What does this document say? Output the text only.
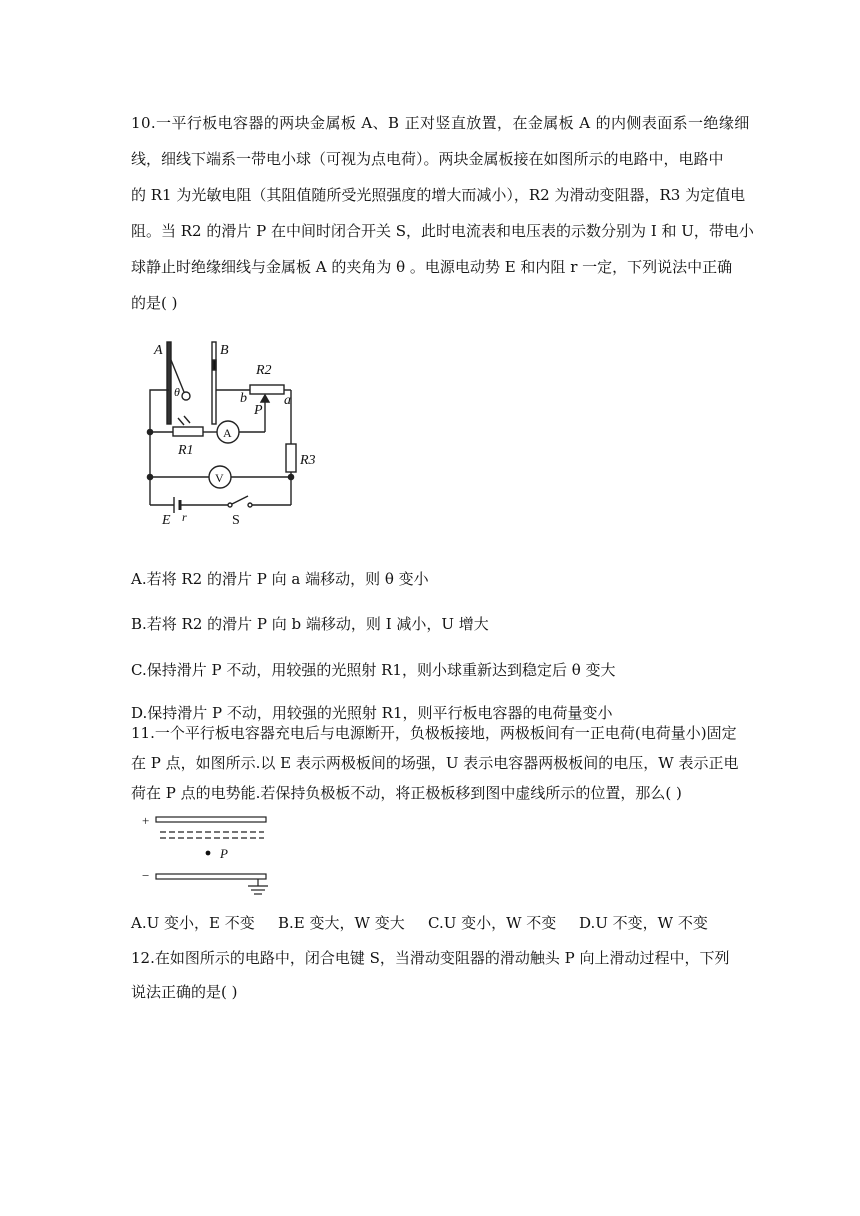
10.一平行板电容器的两块金属板 A、B 正对竖直放置，在金属板 A 的内侧表面系一绝缘细
线，细线下端系一带电小球（可视为点电荷）。两块金属板接在如图所示的电路中，电路中
的 R1 为光敏电阻（其阻值随所受光照强度的增大而减小），R2 为滑动变阻器，R3 为定值电
阻。当 R2 的滑片 P 在中间时闭合开关 S，此时电流表和电压表的示数分别为 I 和 U，带电小
球静止时绝缘细线与金属板 A 的夹角为 θ 。电源电动势 E 和内阻 r 一定，下列说法中正确
的是( )
A	B
R2
b	a
P
θ
R1
A
V
R3
E r	S
A.若将 R2 的滑片 P 向 a 端移动，则 θ 变小
B.若将 R2 的滑片 P 向 b 端移动，则 I 减小，U 增大
C.保持滑片 P 不动，用较强的光照射 R1，则小球重新达到稳定后 θ 变大
D.保持滑片 P 不动，用较强的光照射 R1，则平行板电容器的电荷量变小
11.一个平行板电容器充电后与电源断开，负极板接地，两极板间有一正电荷(电荷量小)固定
在 P 点，如图所示.以 E 表示两极板间的场强，U 表示电容器两极板间的电压，W 表示正电
荷在 P 点的电势能.若保持负极板不动，将正极板移到图中虚线所示的位置，那么( )
+
−
P
A.U 变小，E 不变 B.E 变大，W 变大 C.U 变小，W 不变 D.U 不变，W 不变
12.在如图所示的电路中，闭合电键 S，当滑动变阻器的滑动触头 P 向上滑动过程中，下列
说法正确的是( )
